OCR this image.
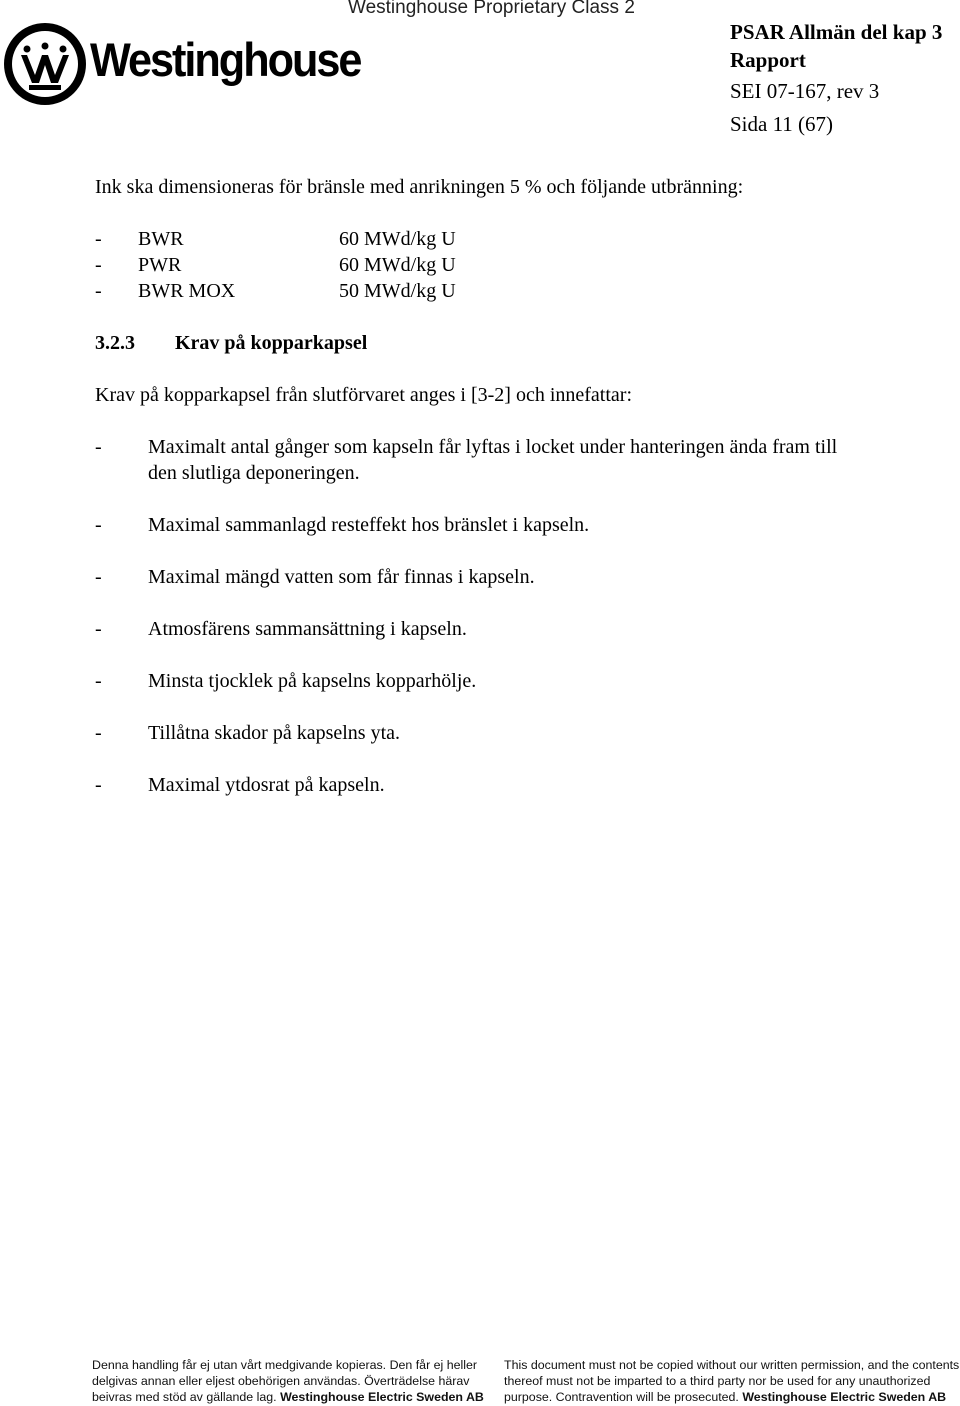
Westinghouse Proprietary Class 2
Westinghouse
PSAR Allmän del kap 3
Rapport
SEI 07-167, rev 3
Sida 11 (67)
Ink ska dimensioneras för bränsle med anrikningen 5 % och följande utbränning:
- BWR	60 MWd/kg U
- PWR	60 MWd/kg U
- BWR MOX	50 MWd/kg U
3.2.3 Krav på kopparkapsel
Krav på kopparkapsel från slutförvaret anges i [3-2] och innefattar:
- Maximalt antal gånger som kapseln får lyftas i locket under hanteringen ända fram till
den slutliga deponeringen.
- Maximal sammanlagd resteffekt hos bränslet i kapseln.
- Maximal mängd vatten som får finnas i kapseln.
- Atmosfärens sammansättning i kapseln.
- Minsta tjocklek på kapselns kopparhölje.
- Tillåtna skador på kapselns yta.
- Maximal ytdosrat på kapseln.
Denna handling får ej utan vårt medgivande kopieras. Den får ej heller
delgivas annan eller eljest obehörigen användas. Överträdelse härav
beivras med stöd av gällande lag. Westinghouse Electric Sweden AB
This document must not be copied without our written permission, and the contents
thereof must not be imparted to a third party nor be used for any unauthorized
purpose. Contravention will be prosecuted. Westinghouse Electric Sweden AB
